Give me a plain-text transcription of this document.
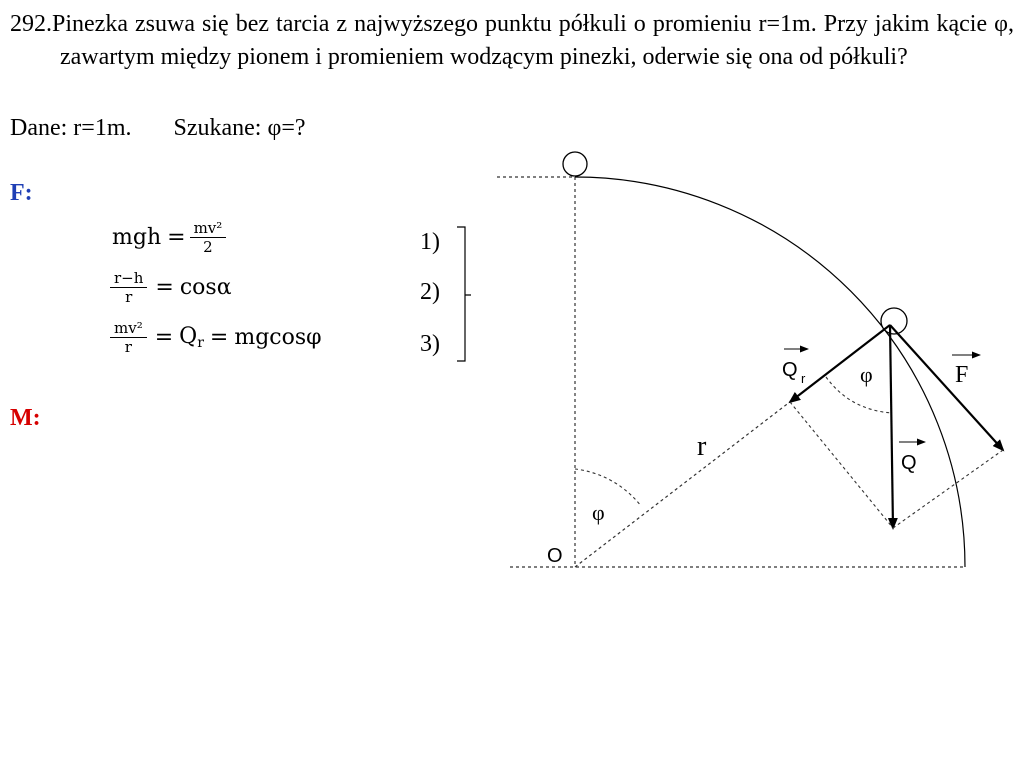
292.Pinezka zsuwa się bez tarcia z najwyższego punktu półkuli o promieniu r=1m. Przy jakim kącie φ, zawartym między pionem i promieniem wodzącym pinezki, oderwie się ona od półkuli?
Dane: r=1m. Szukane: φ=?
F:
M:
mgh = $\frac{\text{mv²}}{2}$	1)
$\frac{r-h}{r} = \cos\alpha$	2)
$\frac{\text{mv²}}{r} = Q_r = mgcos\varphi$	3)
r
φ
φ
O
Q r
Q
F
